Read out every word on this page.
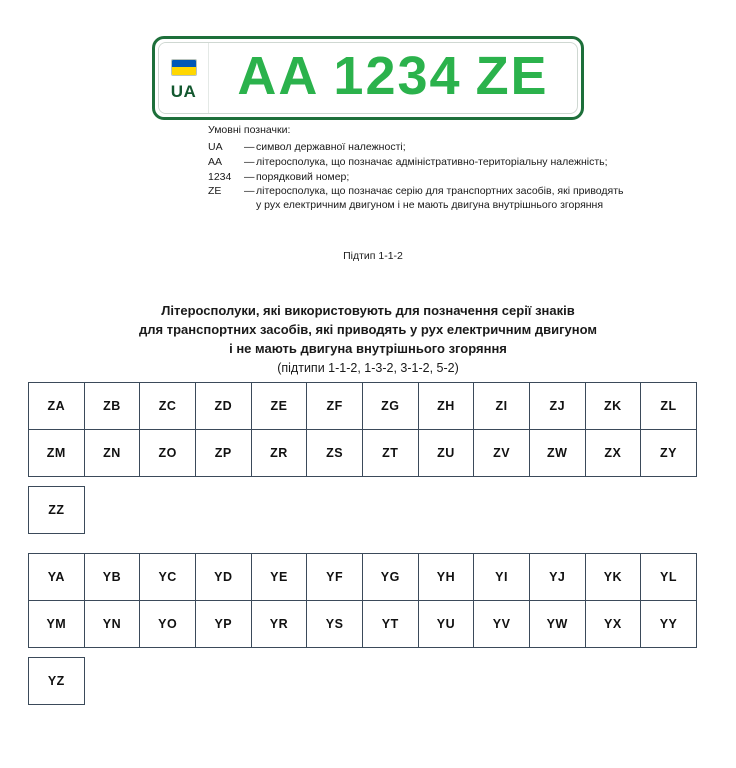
UA AA 1234 ZE
Умовні позначки:
UA	— символ державної належності;
AA	— літеросполука, що позначає адміністративно-територіальну належність;
1234	— порядковий номер;
ZE	— літеросполука, що позначає серію для транспортних засобів, які приводять у рух електричним двигуном і не мають двигуна внутрішнього згоряння
Підтип 1-1-2
Літеросполуки, які використовують для позначення серії знаків
для транспортних засобів, які приводять у рух електричним двигуном
і не мають двигуна внутрішнього згоряння
(підтипи 1-1-2, 1-3-2, 3-1-2, 5-2)
ZA	ZB	ZC	ZD	ZE	ZF	ZG	ZH	ZI	ZJ	ZK	ZL
ZM	ZN	ZO	ZP	ZR	ZS	ZT	ZU	ZV	ZW	ZX	ZY
ZZ
YA	YB	YC	YD	YE	YF	YG	YH	YI	YJ	YK	YL
YM	YN	YO	YP	YR	YS	YT	YU	YV	YW	YX	YY
YZ
